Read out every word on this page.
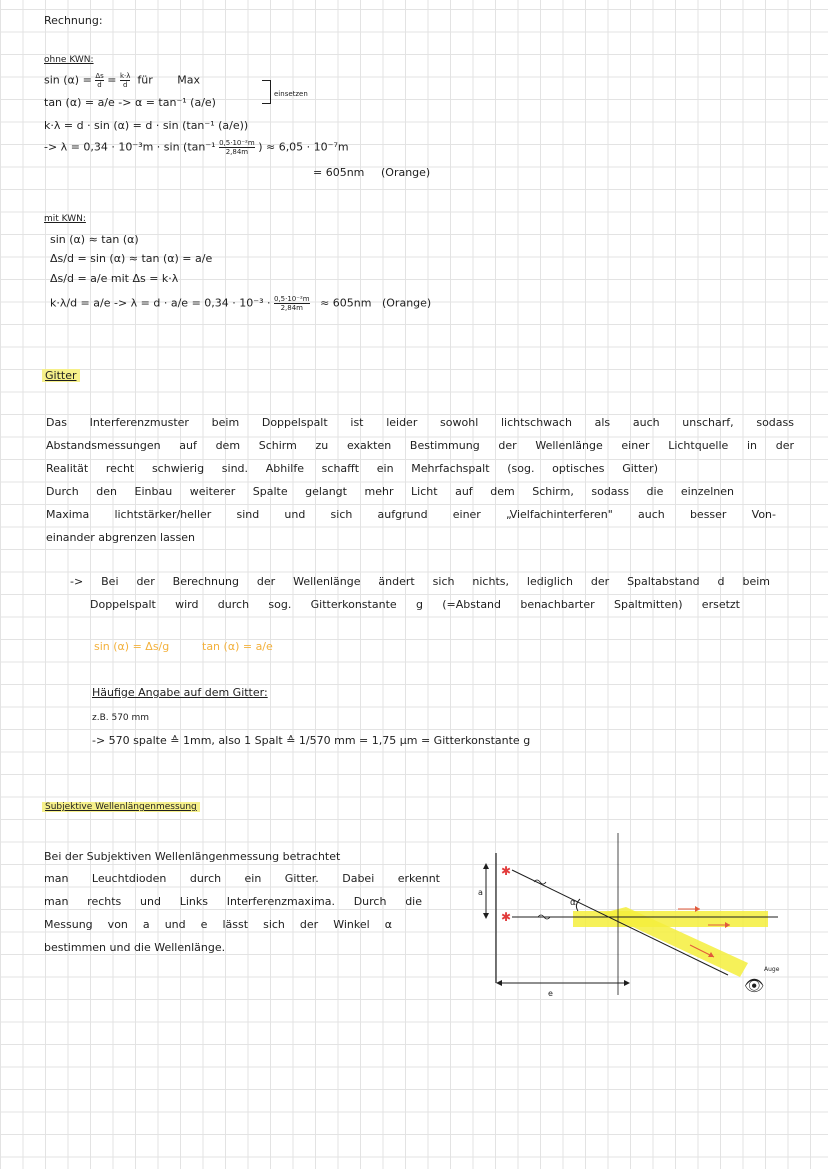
Rechnung:
ohne KWN:
$\sin (\alpha) = \frac{\Delta s}{d} = \frac{k\cdot\lambda}{d}$ für Max
einsetzen
tan (α) = a/e -> α = tan⁻¹ (a/e)
k·λ = d · sin (α) = d · sin (tan⁻¹ (a/e))
-> $\lambda = 0,34 \cdot 10^{-3}m \cdot \sin (\tan^{-1} \frac{\text{0,5·10⁻²m}}{2,84m}$ ) ≈ 6,05 · 10⁻⁷m
= 605nm (Orange)
mit KWN:
sin (α) ≈ tan (α)
Δs/d = sin (α) ≈ tan (α) = a/e
Δs/d = a/e mit Δs = k·λ
$k\cdot\lambda/d = a/e -> \lambda = d \cdot a/e = 0,34 \cdot 10^{-3} \cdot \frac{\text{0,5·10⁻²m}}{2,84m} \approx 605nm$ (Orange)
Gitter
Das Interferenzmuster beim Doppelspalt ist leider sowohl lichtschwach als auch unscharf, sodass
Abstandsmessungen auf dem Schirm zu exakten Bestimmung der Wellenlänge einer Lichtquelle in der
Realität recht schwierig sind. Abhilfe schafft ein Mehrfachspalt (sog. optisches Gitter)
Durch den Einbau weiterer Spalte gelangt mehr Licht auf dem Schirm, sodass die einzelnen
Maxima lichtstärker/heller sind und sich aufgrund einer „Vielfachinterferen" auch besser Von-
einander abgrenzen lassen
-> Bei der Berechnung der Wellenlänge ändert sich nichts, lediglich der Spaltabstand d beim
Doppelspalt wird durch sog. Gitterkonstante g (=Abstand benachbarter Spaltmitten) ersetzt
sin (α) = Δs/g	tan (α) = a/e
Häufige Angabe auf dem Gitter:
z.B. 570 mm
-> 570 spalte ≙ 1mm, also 1 Spalt ≙ 1/570 mm = 1,75 μm = Gitterkonstante g
Subjektive Wellenlängenmessung
Bei der Subjektiven Wellenlängenmessung betrachtet
man Leuchtdioden durch ein Gitter. Dabei erkennt
man rechts und Links Interferenzmaxima. Durch die
Messung von a und e lässt sich der Winkel α
bestimmen und die Wellenlänge.
✱
✱
e
a
α
👁
Auge
